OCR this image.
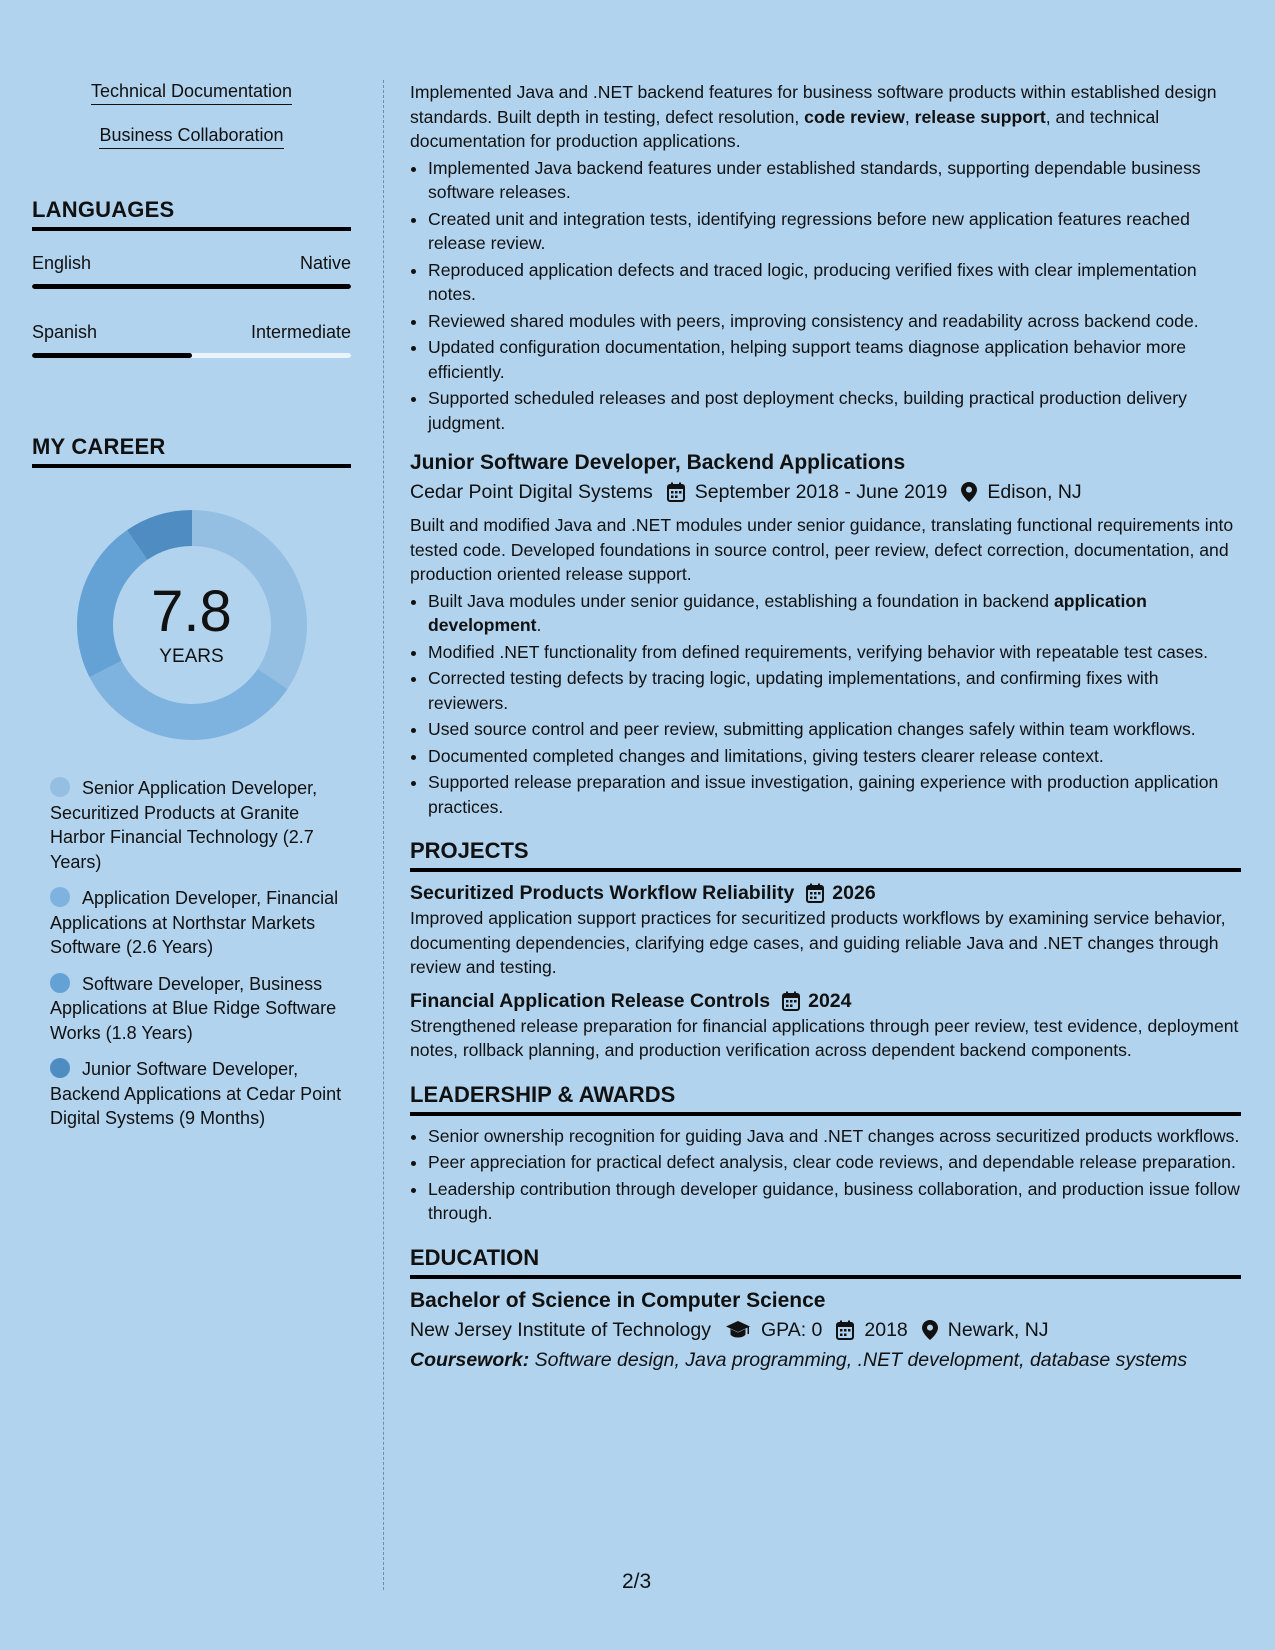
Technical Documentation
Business Collaboration
LANGUAGES
English	Native
Spanish	Intermediate
MY CAREER
7.8
YEARS
Senior Application Developer, Securitized Products at Granite Harbor Financial Technology (2.7 Years)
Application Developer, Financial Applications at Northstar Markets Software (2.6 Years)
Software Developer, Business Applications at Blue Ridge Software Works (1.8 Years)
Junior Software Developer, Backend Applications at Cedar Point Digital Systems (9 Months)

Implemented Java and .NET backend features for business software products within established design standards. Built depth in testing, defect resolution, code review, release support, and technical documentation for production applications.

• Implemented Java backend features under established standards, supporting dependable business software releases.
• Created unit and integration tests, identifying regressions before new application features reached release review.
• Reproduced application defects and traced logic, producing verified fixes with clear implementation notes.
• Reviewed shared modules with peers, improving consistency and readability across backend code.
• Updated configuration documentation, helping support teams diagnose application behavior more efficiently.
• Supported scheduled releases and post deployment checks, building practical production delivery judgment.
Junior Software Developer, Backend Applications
Cedar Point Digital Systems September 2018 - June 2019 Edison, NJ

Built and modified Java and .NET modules under senior guidance, translating functional requirements into tested code. Developed foundations in source control, peer review, defect correction, documentation, and production oriented release support.

• Built Java modules under senior guidance, establishing a foundation in backend application development.
• Modified .NET functionality from defined requirements, verifying behavior with repeatable test cases.
• Corrected testing defects by tracing logic, updating implementations, and confirming fixes with reviewers.
• Used source control and peer review, submitting application changes safely within team workflows.
• Documented completed changes and limitations, giving testers clearer release context.
• Supported release preparation and issue investigation, gaining experience with production application practices.
PROJECTS
Securitized Products Workflow Reliability 2026

Improved application support practices for securitized products workflows by examining service behavior, documenting dependencies, clarifying edge cases, and guiding reliable Java and .NET changes through review and testing.

Financial Application Release Controls 2024

Strengthened release preparation for financial applications through peer review, test evidence, deployment notes, rollback planning, and production verification across dependent backend components.

LEADERSHIP & AWARDS
• Senior ownership recognition for guiding Java and .NET changes across securitized products workflows.
• Peer appreciation for practical defect analysis, clear code reviews, and dependable release preparation.
• Leadership contribution through developer guidance, business collaboration, and production issue follow through.
EDUCATION
Bachelor of Science in Computer Science
New Jersey Institute of Technology	GPA: 0 2018 Newark, NJ
Coursework: Software design, Java programming, .NET development, database systems
2/3
